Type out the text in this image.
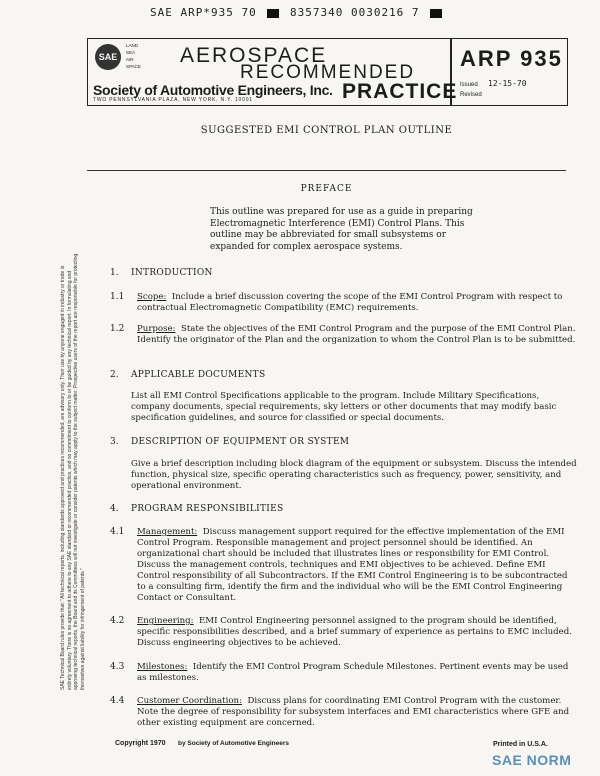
SAE ARP*935 70	8357340 0030216 7
SAE
LAND
SEA
AIR
SPACE	AEROSPACE
RECOMMENDED
PRACTICE
Society of Automotive Engineers, Inc.
TWO PENNSYLVANIA PLAZA, NEW YORK, N.Y. 10001
ARP 935
Issued 12-15-70
Revised
SUGGESTED EMI CONTROL PLAN OUTLINE
PREFACE
This outline was prepared for use as a guide in preparing Electromagnetic Interference (EMI) Control Plans. This outline may be abbreviated for small subsystems or expanded for complex aerospace systems.
1. INTRODUCTION
1.1 Scope: Include a brief discussion covering the scope of the EMI Control Program with respect to contractual Electromagnetic Compatibility (EMC) requirements.
1.2 Purpose: State the objectives of the EMI Control Program and the purpose of the EMI Control Plan. Identify the originator of the Plan and the organization to whom the Control Plan is to be submitted.
2. APPLICABLE DOCUMENTS
List all EMI Control Specifications applicable to the program. Include Military Specifications, company documents, special requirements, sky letters or other documents that may modify basic specification guidelines, and source for classified or special documents.
3. DESCRIPTION OF EQUIPMENT OR SYSTEM
Give a brief description including block diagram of the equipment or subsystem. Discuss the intended function, physical size, specific operating characteristics such as frequency, power, sensitivity, and operational environment.
4. PROGRAM RESPONSIBILITIES
4.1 Management: Discuss management support required for the effective implementation of the EMI Control Program. Responsible management and project personnel should be identified. An organizational chart should be included that illustrates lines or responsibility for EMI Control. Discuss the management controls, techniques and EMI objectives to be achieved. Define EMI Control responsibility of all Subcontractors. If the EMI Control Engineering is to be subcontracted to a consulting firm, identify the firm and the individual who will be the EMI Control Engineering Contact or Consultant.
4.2 Engineering: EMI Control Engineering personnel assigned to the program should be identified, specific responsibilities described, and a brief summary of experience as pertains to EMC included. Discuss engineering objectives to be achieved.
4.3 Milestones: Identify the EMI Control Program Schedule Milestones. Pertinent events may be used as milestones.
4.4 Customer Coordination: Discuss plans for coordinating EMI Control Program with the customer. Note the degree of responsibility for subsystem interfaces and EMI characteristics where GFE and other existing equipment are concerned.
SAE Technical Board rules provide that: "All technical reports, including standards approved and practices recommended, are advisory only. Their use by anyone engaged in industry or trade is entirely voluntary. There is no agreement to adhere to any SAE standard or recommended practice, and no commitment to conform to or be guided by any technical report. In formulating and approving technical reports, the Board and its Committees will not investigate or consider patents which may apply to the subject matter. Prospective users of the report are responsible for protecting themselves against liability for infringement of patents."
Copyright 1970 by Society of Automotive Engineers	Printed in U.S.A.
SAE NORM
